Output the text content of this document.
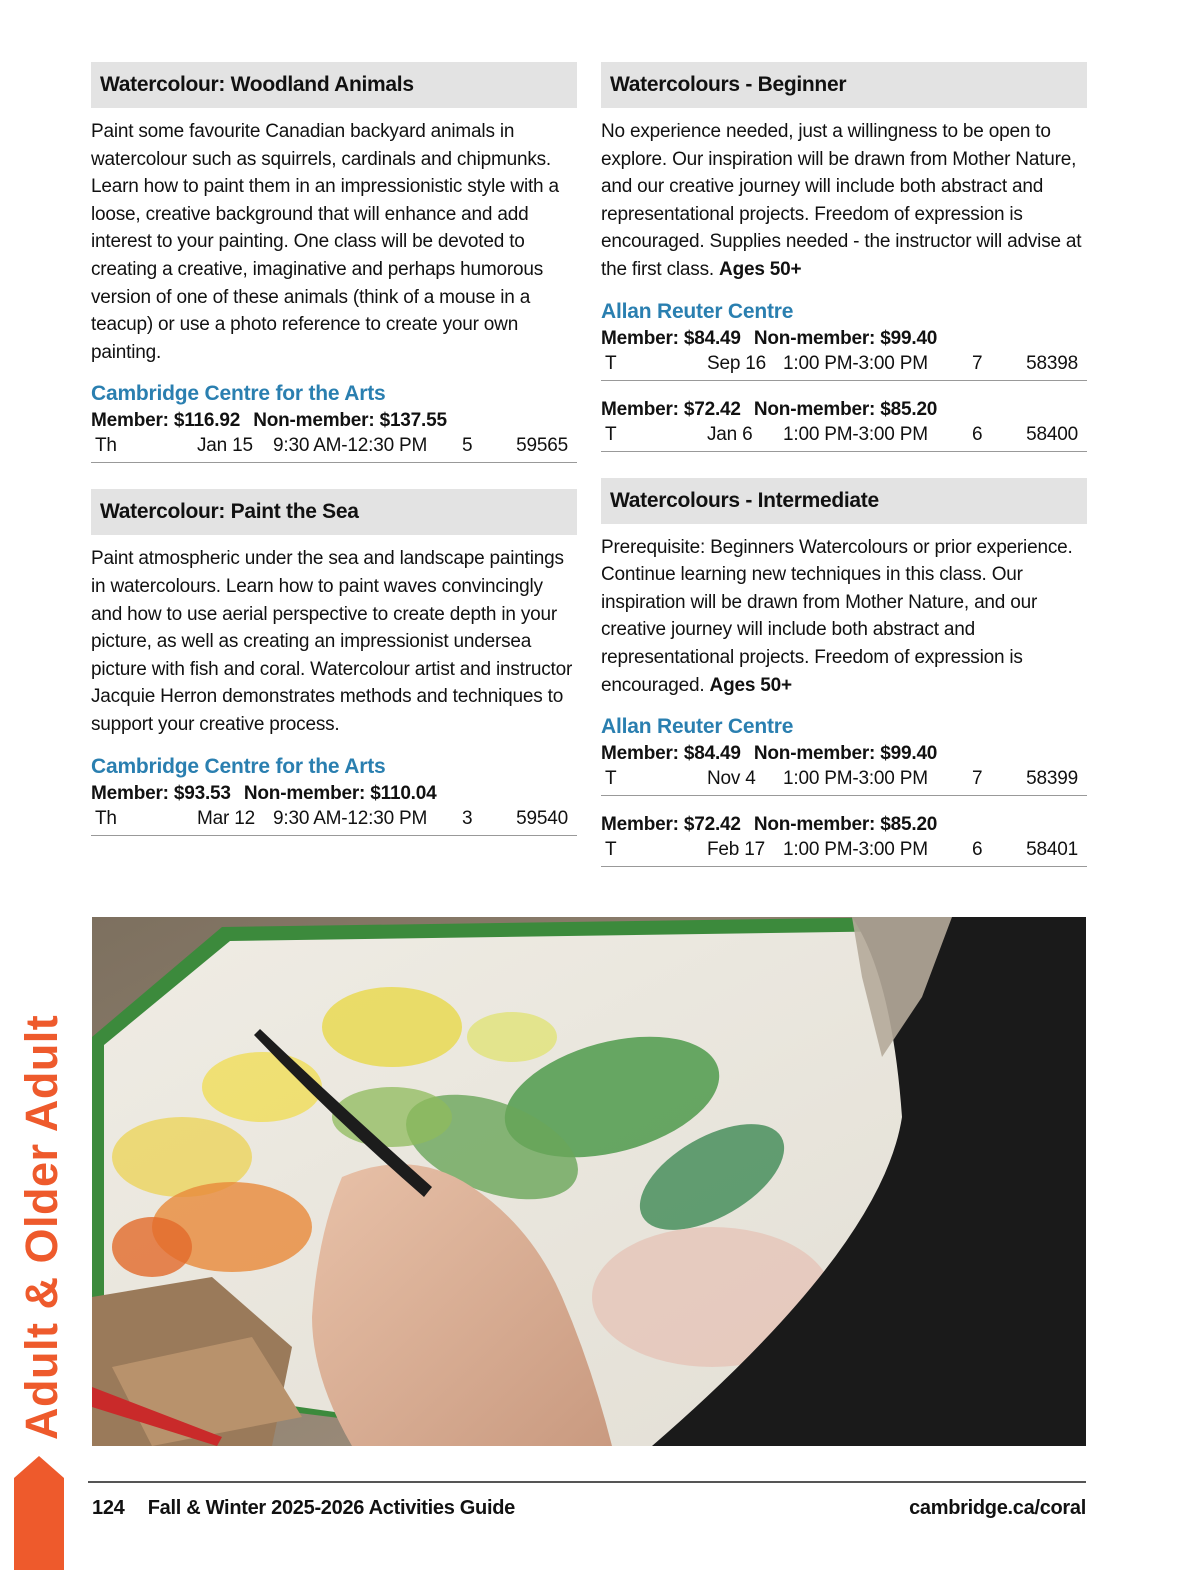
Watercolour: Woodland Animals

Paint some favourite Canadian backyard animals in watercolour such as squirrels, cardinals and chipmunks. Learn how to paint them in an impressionistic style with a loose, creative background that will enhance and add interest to your painting. One class will be devoted to creating a creative, imaginative and perhaps humorous version of one of these animals (think of a mouse in a teacup) or use a photo reference to create your own painting.

Cambridge Centre for the Arts
Member: $116.92 Non-member: $137.55
Th	Jan 15 9:30 AM-12:30 PM 5 59565
Watercolour: Paint the Sea

Paint atmospheric under the sea and landscape paintings in watercolours. Learn how to paint waves convincingly and how to use aerial perspective to create depth in your picture, as well as creating an impressionist undersea picture with fish and coral. Watercolour artist and instructor Jacquie Herron demonstrates methods and techniques to support your creative process.

Cambridge Centre for the Arts
Member: $93.53 Non-member: $110.04
Th	Mar 12 9:30 AM-12:30 PM 3 59540
Watercolours - Beginner

No experience needed, just a willingness to be open to explore. Our inspiration will be drawn from Mother Nature, and our creative journey will include both abstract and representational projects. Freedom of expression is encouraged. Supplies needed - the instructor will advise at the first class. Ages 50+

Allan Reuter Centre
Member: $84.49 Non-member: $99.40
T	Sep 16 1:00 PM-3:00 PM 7 58398
Member: $72.42 Non-member: $85.20
T	Jan 6 1:00 PM-3:00 PM 6 58400
Watercolours - Intermediate

Prerequisite: Beginners Watercolours or prior experience. Continue learning new techniques in this class. Our inspiration will be drawn from Mother Nature, and our creative journey will include both abstract and representational projects. Freedom of expression is encouraged. Ages 50+

Allan Reuter Centre
Member: $84.49 Non-member: $99.40
T	Nov 4 1:00 PM-3:00 PM 7 58399
Member: $72.42 Non-member: $85.20
T	Feb 17 1:00 PM-3:00 PM 6 58401
Adult & Older Adult
124 Fall & Winter 2025-2026 Activities Guide	cambridge.ca/coral
